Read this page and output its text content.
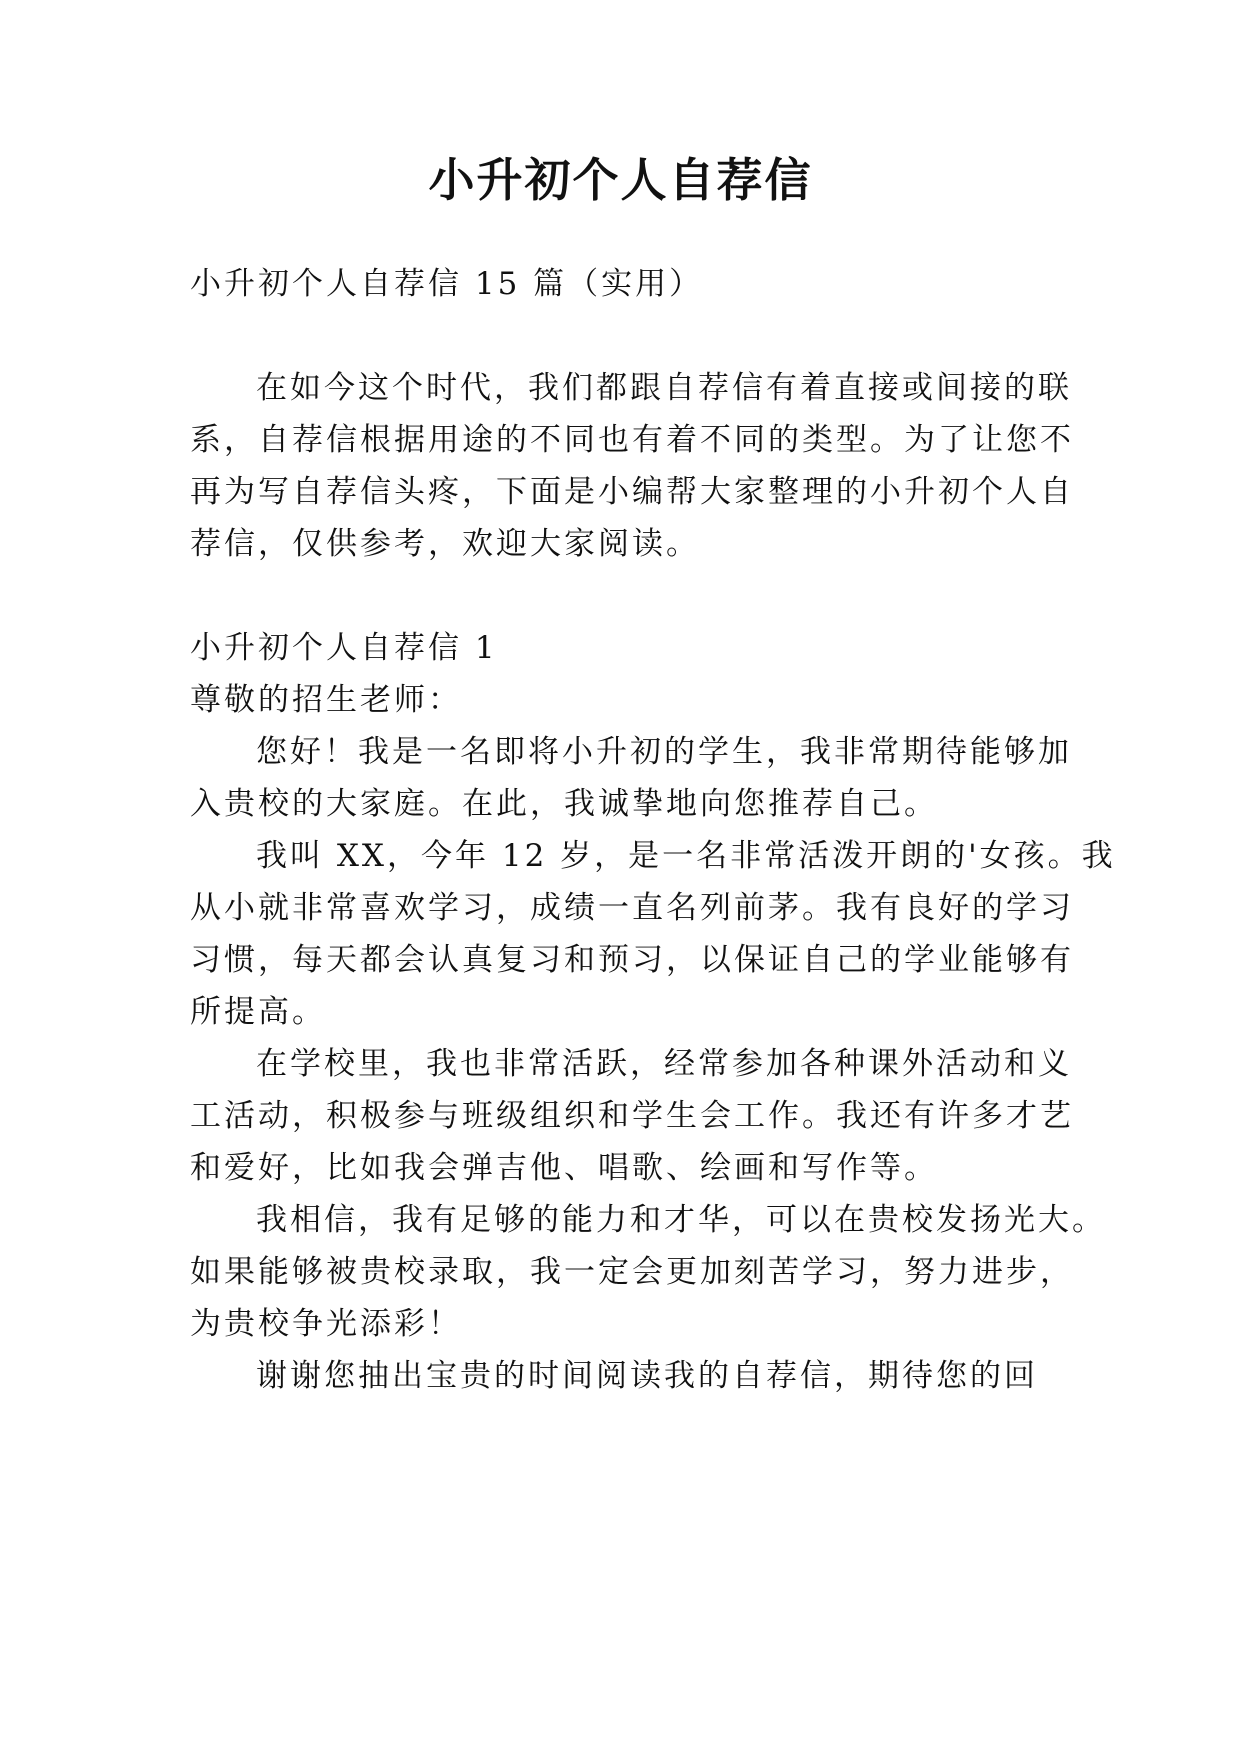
小升初个人自荐信

小升初个人自荐信 15 篇（实用）

在如今这个时代，我们都跟自荐信有着直接或间接的联

系，自荐信根据用途的不同也有着不同的类型。为了让您不

再为写自荐信头疼，下面是小编帮大家整理的小升初个人自

荐信，仅供参考，欢迎大家阅读。

小升初个人自荐信 1

尊敬的招生老师：

您好！我是一名即将小升初的学生，我非常期待能够加

入贵校的大家庭。在此，我诚挚地向您推荐自己。

我叫 XX，今年 12 岁，是一名非常活泼开朗的'女孩。我

从小就非常喜欢学习，成绩一直名列前茅。我有良好的学习

习惯，每天都会认真复习和预习，以保证自己的学业能够有

所提高。

在学校里，我也非常活跃，经常参加各种课外活动和义

工活动，积极参与班级组织和学生会工作。我还有许多才艺

和爱好，比如我会弹吉他、唱歌、绘画和写作等。

我相信，我有足够的能力和才华，可以在贵校发扬光大。

如果能够被贵校录取，我一定会更加刻苦学习，努力进步，

为贵校争光添彩！

谢谢您抽出宝贵的时间阅读我的自荐信，期待您的回
